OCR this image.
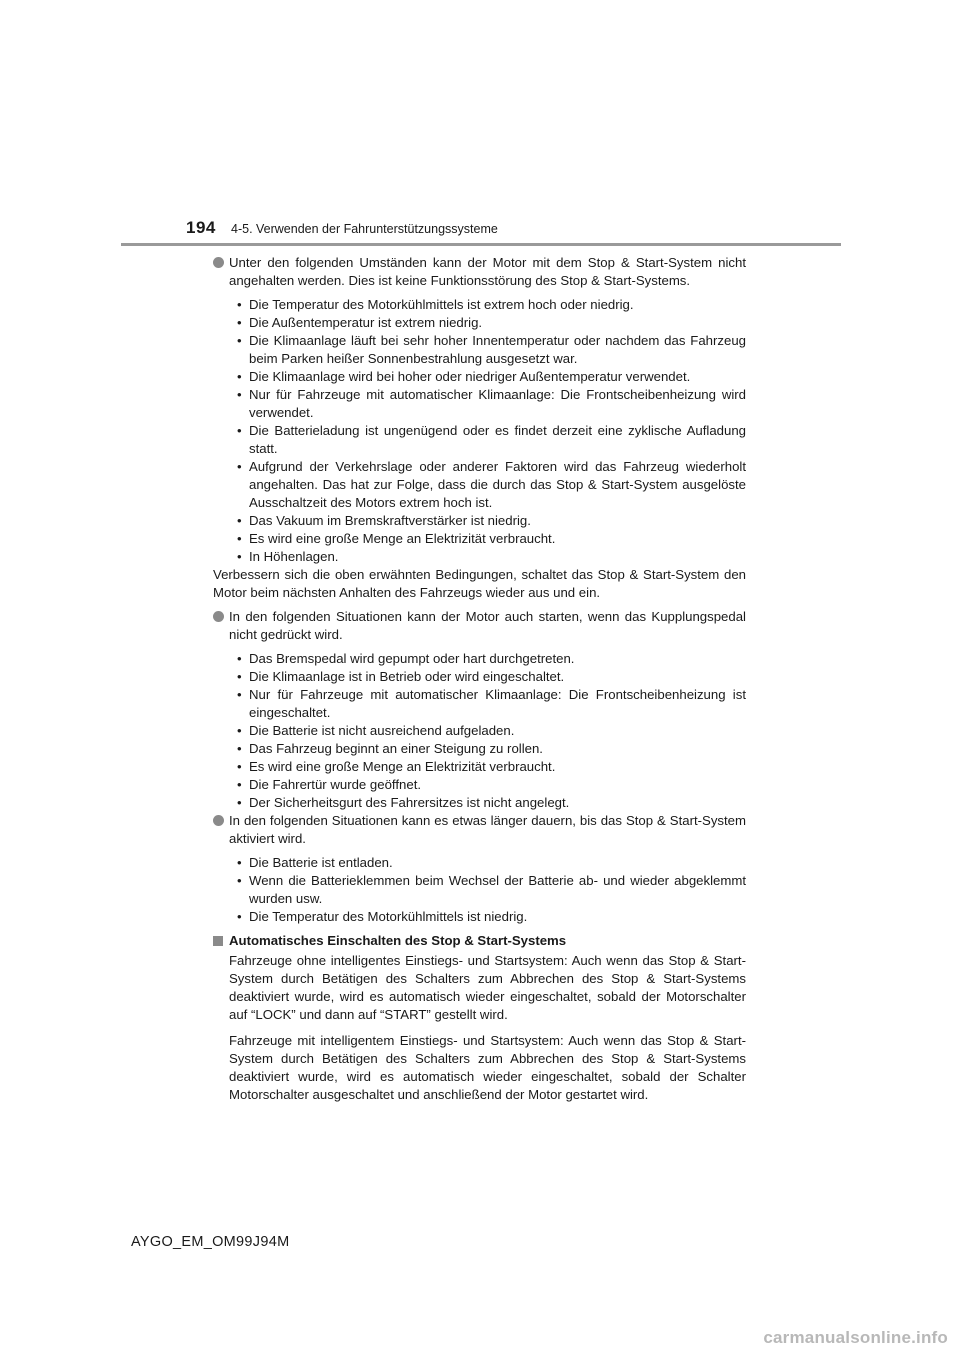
194 4-5. Verwenden der Fahrunterstützungssysteme
Unter den folgenden Umständen kann der Motor mit dem Stop & Start-System nicht angehalten werden. Dies ist keine Funktionsstörung des Stop & Start-Systems.
• Die Temperatur des Motorkühlmittels ist extrem hoch oder niedrig.
• Die Außentemperatur ist extrem niedrig.
• Die Klimaanlage läuft bei sehr hoher Innentemperatur oder nachdem das Fahrzeug beim Parken heißer Sonnenbestrahlung ausgesetzt war.
• Die Klimaanlage wird bei hoher oder niedriger Außentemperatur verwendet.
• Nur für Fahrzeuge mit automatischer Klimaanlage: Die Frontscheibenheizung wird verwendet.
• Die Batterieladung ist ungenügend oder es findet derzeit eine zyklische Aufladung statt.
• Aufgrund der Verkehrslage oder anderer Faktoren wird das Fahrzeug wiederholt angehalten. Das hat zur Folge, dass die durch das Stop & Start-System ausgelöste Ausschaltzeit des Motors extrem hoch ist.
• Das Vakuum im Bremskraftverstärker ist niedrig.
• Es wird eine große Menge an Elektrizität verbraucht.
• In Höhenlagen.
Verbessern sich die oben erwähnten Bedingungen, schaltet das Stop & Start-System den Motor beim nächsten Anhalten des Fahrzeugs wieder aus und ein.
In den folgenden Situationen kann der Motor auch starten, wenn das Kupplungspedal nicht gedrückt wird.
• Das Bremspedal wird gepumpt oder hart durchgetreten.
• Die Klimaanlage ist in Betrieb oder wird eingeschaltet.
• Nur für Fahrzeuge mit automatischer Klimaanlage: Die Frontscheibenheizung ist eingeschaltet.
• Die Batterie ist nicht ausreichend aufgeladen.
• Das Fahrzeug beginnt an einer Steigung zu rollen.
• Es wird eine große Menge an Elektrizität verbraucht.
• Die Fahrertür wurde geöffnet.
• Der Sicherheitsgurt des Fahrersitzes ist nicht angelegt.
In den folgenden Situationen kann es etwas länger dauern, bis das Stop & Start-System aktiviert wird.
• Die Batterie ist entladen.
• Wenn die Batterieklemmen beim Wechsel der Batterie ab- und wieder abgeklemmt wurden usw.
• Die Temperatur des Motorkühlmittels ist niedrig.
Automatisches Einschalten des Stop & Start-Systems
Fahrzeuge ohne intelligentes Einstiegs- und Startsystem: Auch wenn das Stop & Start-System durch Betätigen des Schalters zum Abbrechen des Stop & Start-Systems deaktiviert wurde, wird es automatisch wieder eingeschaltet, sobald der Motorschalter auf “LOCK” und dann auf “START” gestellt wird.
Fahrzeuge mit intelligentem Einstiegs- und Startsystem: Auch wenn das Stop & Start-System durch Betätigen des Schalters zum Abbrechen des Stop & Start-Systems deaktiviert wurde, wird es automatisch wieder eingeschaltet, sobald der Schalter Motorschalter ausgeschaltet und anschließend der Motor gestartet wird.
AYGO_EM_OM99J94M
carmanualsonline.info
